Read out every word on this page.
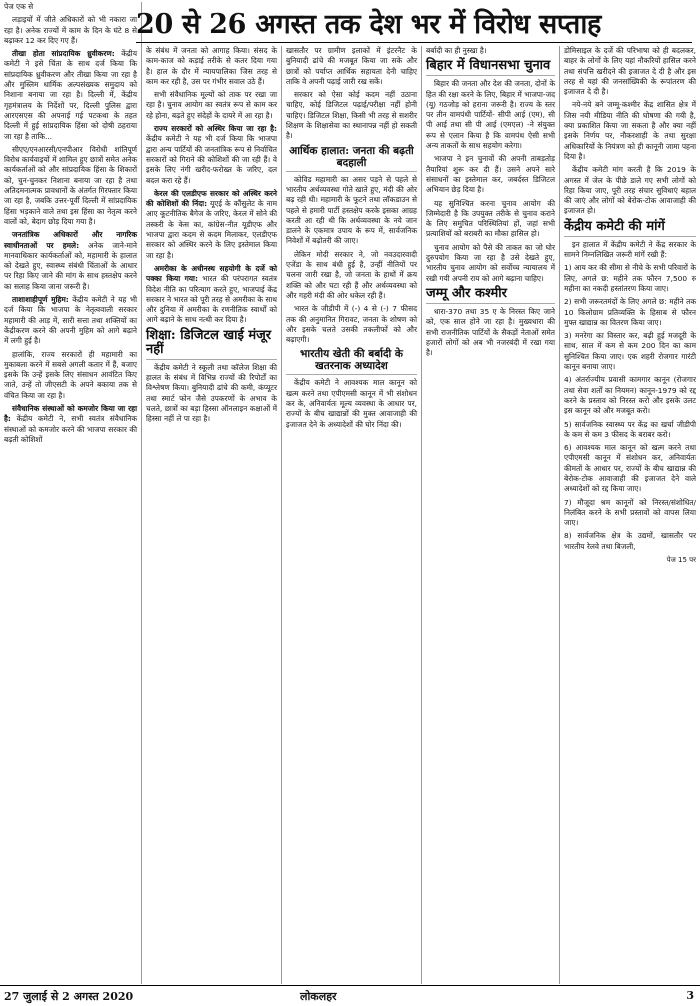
पेज एक से

लड़ाइयों में जीते अधिकारों को भी नकारा जा रहा है। अनेक राज्यों में काम के दिन के घंटे 8 से बढ़ाकर 12 कर दिए गए हैं।

तीखा होता सांप्रदायिक ध्रुवीकरण: केंद्रीय कमेटी ने इसे चिंता के साथ दर्ज किया कि सांप्रदायिक ध्रुवीकरण और तीखा किया जा रहा है और मुस्लिम धार्मिक अल्पसंख्यक समुदाय को निशाना बनाया जा रहा है। दिल्ली में, केंद्रीय गृहमंत्रालय के निर्देशों पर, दिल्ली पुलिस द्वारा आरएसएस की अपनाई गई पटकथा के तहत दिल्ली में हुई सांप्रदायिक हिंसा को दोषी ठहराया जा रहा है ताकि...

सीएए/एनआरसी/एनपीआर विरोधी शांतिपूर्ण विरोध कार्यवाइयों में शामिल हुए छात्रों समेत अनेक कार्यकर्ताओं को और सांप्रदायिक हिंसा के शिकारों को, चुन-चुनकर निशाना बनाया जा रहा है तथा अतिदमनात्मक प्रावधानों के अंतर्गत गिरफ्तार किया जा रहा है, जबकि उत्तर-पूर्वी दिल्ली में सांप्रदायिक हिंसा भड़काने वाले तथा इस हिंसा का नेतृत्व करने वालों को, बेदाग छोड़ दिया गया है।

जनतांत्रिक अधिकारों और नागरिक स्वाधीनताओं पर हमले: अनेक जाने-माने मानवाधिकार कार्यकर्ताओं को, महामारी के हालात को देखते हुए, स्वास्थ्य संबंधी चिंताओं के आधार पर रिहा किए जाने की मांग के साथ हस्तक्षेप करने का सलाह किया जाना जरूरी है।

ताशाशाहीपूर्ण मुहिम: केंद्रीय कमेटी ने यह भी दर्ज किया कि भाजपा के नेतृत्ववाली सरकार महामारी की आड़ में, सारी सत्ता तथा शक्तियों का केंद्रीकरण करने की अपनी मुहिम को आगे बढ़ाने में लगी हुई है।

हालांकि, राज्य सरकारों ही महामारी का मुकाबला करने में सबसे अगली कतार में हैं, बजाए इसके कि उन्हें इसके लिए संसाधन आवंटित किए जाते, उन्हें तो जीएसटी के अपने बकाया तक से वंचित किया जा रहा है।

संवैधानिक संस्थाओं को कमजोर किया जा रहा है: केंद्रीय कमेटी ने, सभी स्वतंत्र संवैधानिक संस्थाओं को कमजोर करने की भाजपा सरकार की बढ़ती कोशिशों

20 से 26 अगस्त तक देश भर में विरोध सप्ताह

के संबंध में जनता को आगाह किया। संसद के काम-काज को कड़ाई तरीके से कतर दिया गया है। हाल के दौर में न्यायपालिका जिस तरह से काम कर रही है, उस पर गंभीर सवाल उठे हैं।

सभी संवैधानिक मूल्यों को ताक पर रखा जा रहा है। चुनाव आयोग का स्वतंत्र रूप से काम कर रहे होना, बढ़ते हुए संदेहों के दायरे में आ रहा है।

राज्य सरकारों को अस्थिर किया जा रहा है: केंद्रीय कमेटी ने यह भी दर्ज किया कि भाजपा द्वारा अन्य पार्टियों की जनतांत्रिक रूप से निर्वाचित सरकारों को गिराने की कोशिशों की जा रही हैं। वे इसके लिए नंगी खरीद-फरोख्त के जरिए, दल बदल करा रहे हैं।

केरल की एलडीएफ सरकार को अस्थिर करने की कोशिशों की निंदा: यूएई के कौंसुलेट के नाम आए कूटनीतिक बैगेज के जरिए, केरल में सोने की तस्करी के केस का, कांग्रेस-नीत यूडीएफ और भाजपा द्वारा कदम से कदम मिलाकर, एलडीएफ सरकार को अस्थिर करने के लिए इस्तेमाल किया जा रहा है।

अमरीका के अधीनस्थ सहयोगी के दर्जे को पक्का किया गया: भारत की परंपरागत स्वतंत्र विदेश नीति का परित्याग करते हुए, भाजपाई केंद्र सरकार ने भारत को पूरी तरह से अमरीका के साथ और दुनिया में अमरीका के रणनीतिक स्वार्थों को आगे बढ़ाने के साथ नत्थी कर दिया है।

शिक्षा: डिजिटल खाई मंजूर नहीं

केंद्रीय कमेटी ने स्कूली तथा कॉलेज शिक्षा की हालत के संबंध में विभिन्न राज्यों की रिपोर्टों का विश्लेषण किया। बुनियादी ढांचे की कमी, कंप्यूटर तथा स्मार्ट फोन जैसे उपकरणों के अभाव के चलते, छात्रों का बड़ा हिस्सा ऑनलाइन कक्षाओं में हिस्सा नहीं ले पा रहा है।

खासतौर पर ग्रामीण इलाकों में इंटरनैट के बुनियादी ढांचे की मजबूत किया जा सके और छात्रों को पर्याप्त आर्थिक सहायता देनी चाहिए ताकि वे अपनी पढ़ाई जारी रख सकें।

सरकार को ऐसा कोई कदम नहीं उठाना चाहिए, कोई डिजिटल पढ़ाई/परीक्षा नहीं होनी चाहिए। डिजिटल शिक्षा, किसी भी तरह से सशरीर शिक्षण के शिक्षासेवा का स्थानापन्न नहीं हो सकती है।

आर्थिक हालात: जनता की बढ़ती बदहाली

कोविड महामारी का असर पड़ने से पहले से भारतीय अर्थव्यवस्था गोते खाते हुए, मंदी की ओर बढ़ रही थी। महामारी के फूटने तथा लॉकडाउन से पहले से हमारी पार्टी हस्तक्षेप करके इसका आग्रह करती आ रही थी कि अर्थव्यवस्था के नये जान डालने के एकमात्र उपाय के रूप में, सार्वजनिक निवेशों में बढ़ोतरी की जाए।

लेकिन मोदी सरकार ने, जो नवउदारवादी एजेंडा के साथ बंधी हुई है, उन्हीं नीतियों पर चलना जारी रखा है, जो जनता के हाथों में क्रय शक्ति को और घटा रही हैं और अर्थव्यवस्था को और गहरी मंदी की ओर धकेल रही हैं।

भारत के जीडीपी में (-) 4 से (-) 7 फीसद तक की अनुमानित गिरावट, जनता के शोषण को और इसके चलते उसकी तकलीफों को और बढ़ाएगी।

भारतीय खेती की बर्बादी के खतरनाक अध्यादेश

केंद्रीय कमेटी ने आवश्यक माल कानून को खत्म करने तथा एपीएमसी कानून में भी संशोधन कर के, अनिवार्यतः मूल्य व्यवस्था के आधार पर, राज्यों के बीच खाद्यान्नों की मुक्त आवाजाही की इजाजत देने के अध्यादेशों की घोर निंदा की।

बर्बादी का ही नुस्खा है।

बिहार में विधानसभा चुनाव

बिहार की जनता और देश की जनता, दोनों के हित की रक्षा करने के लिए, बिहार में भाजपा-जद (यू) गठजोड़ को हराना जरूरी है। राज्य के स्तर पर तीन वामपंथी पार्टियों- सीपी आई (एम), सी पी आई तथा सी पी आई (एमएल) -ने संयुक्त रूप से एलान किया है कि वामपंथ ऐसी सभी अन्य ताकतों के साथ सहयोग करेगा।

भाजपा ने इन चुनावों की अपनी ताबड़तोड़ तैयारियां शुरू कर दी हैं। उसने अपने सारे संसाधनों का इस्तेमाल कर, जबर्दस्त डिजिटल अभियान छेड़ दिया है।

यह सुनिश्चित करना चुनाव आयोग की जिम्मेदारी है कि उपयुक्त तरीके से चुनाव कराने के लिए समुचित परिस्थितियां हों, जहां सभी प्रत्याशियों को बराबरी का मौका हासिल हो।

चुनाव आयोग को पैसे की ताकत का जो घोर दुरुपयोग किया जा रहा है उसे देखते हुए, भारतीय चुनाव आयोग को सर्वोच्च न्यायालय में रखी गयी अपनी राय को आगे बढ़ाना चाहिए।

जम्मू और कश्मीर

धारा-370 तथा 35 ए के निरस्त किए जाने को, एक साल होने जा रहा है। मुख्यधारा की सभी राजनीतिक पार्टियों के सैकड़ों नेताओं समेत हजारों लोगों को अब भी नजरबंदी में रखा गया है।

डोमिसाइल के दर्जे की परिभाषा को ही बदलकर, बाहर के लोगों के लिए यहां नौकरियों हासिल करने तथा संपत्ति खरीदने की इजाजत दे दी है और इस तरह से यहां की जनसांख्यिकी के रूपांतरण की इजाजत दे दी है।

नये-नये बने जम्मू-कश्मीर केंद्र शासित क्षेत्र में जिस नयी मीडिया नीति की घोषणा की गयी है, क्या प्रकाशित किया जा सकता है और क्या नहीं इसके निर्णय पर, नौकरशाही के तथा सुरक्षा अधिकारियों के नियंत्रण को ही कानूनी जामा पहना दिया है।

केंद्रीय कमेटी मांग करती है कि 2019 के अगस्त में जेल के पीछे डाले गए सभी लोगों को रिहा किया जाए, पूरी तरह संचार सुविधाएं बहाल की जाएं और लोगों को बेरोक-टोक आवाजाही की इजाजत हो।

केंद्रीय कमेटी की मांगें

इन हालात में केंद्रीय कमेटी ने केंद्र सरकार के सामने निम्नलिखित जरूरी मांगें रखी हैं:

1) आय कर की सीमा से नीचे के सभी परिवारों के लिए, अगले छ: महीने तक फौरन 7,500 रु महीना का नकदी हस्तांतरण किया जाए।
2) सभी जरूरतमंदों के लिए अगले छ: महीने तक 10 किलोग्राम प्रतिव्यक्ति के हिसाब से फौरन मुफ्त खाद्यान्न का वितरण किया जाए।
3) मनरेगा का विस्तार कर, बढ़ी हुई मजदूरी के साथ, साल में कम से कम 200 दिन का काम सुनिश्चित किया जाए। एक शहरी रोजगार गारंटी कानून बनाया जाए।
4) अंतर्राज्यीय प्रवासी कामगार कानून (रोजगार तथा सेवा शर्तों का नियमन) कानून-1979 को रद्द करने के प्रस्ताव को निरस्त करो और इसके उलट इस कानून को और मजबूत करो।
5) सार्वजनिक स्वास्थ्य पर केंद्र का खर्चा जीडीपी के कम से कम 3 फीसद के बराबर करो।
6) आवश्यक माल कानून को खत्म करने तथा एपीएमसी कानून में संशोधन कर, अनिवार्यतः कीमतों के आधार पर, राज्यों के बीच खाद्यान्न की बेरोक-टोक आवाजाही की इजाजत देने वाले अध्यादेशों को रद्द किया जाए।
7) मौजूदा श्रम कानूनों को निरस्त/संशोधित/निलंबित करने के सभी प्रस्तावों को वापस लिया जाए।
8) सार्वजनिक क्षेत्र के उद्यमों, खासतौर पर भारतीय रेलवे तथा बिजली,
पेज 15 पर
27 जुलाई से 2 अगस्त 2020	लोकलहर	3
